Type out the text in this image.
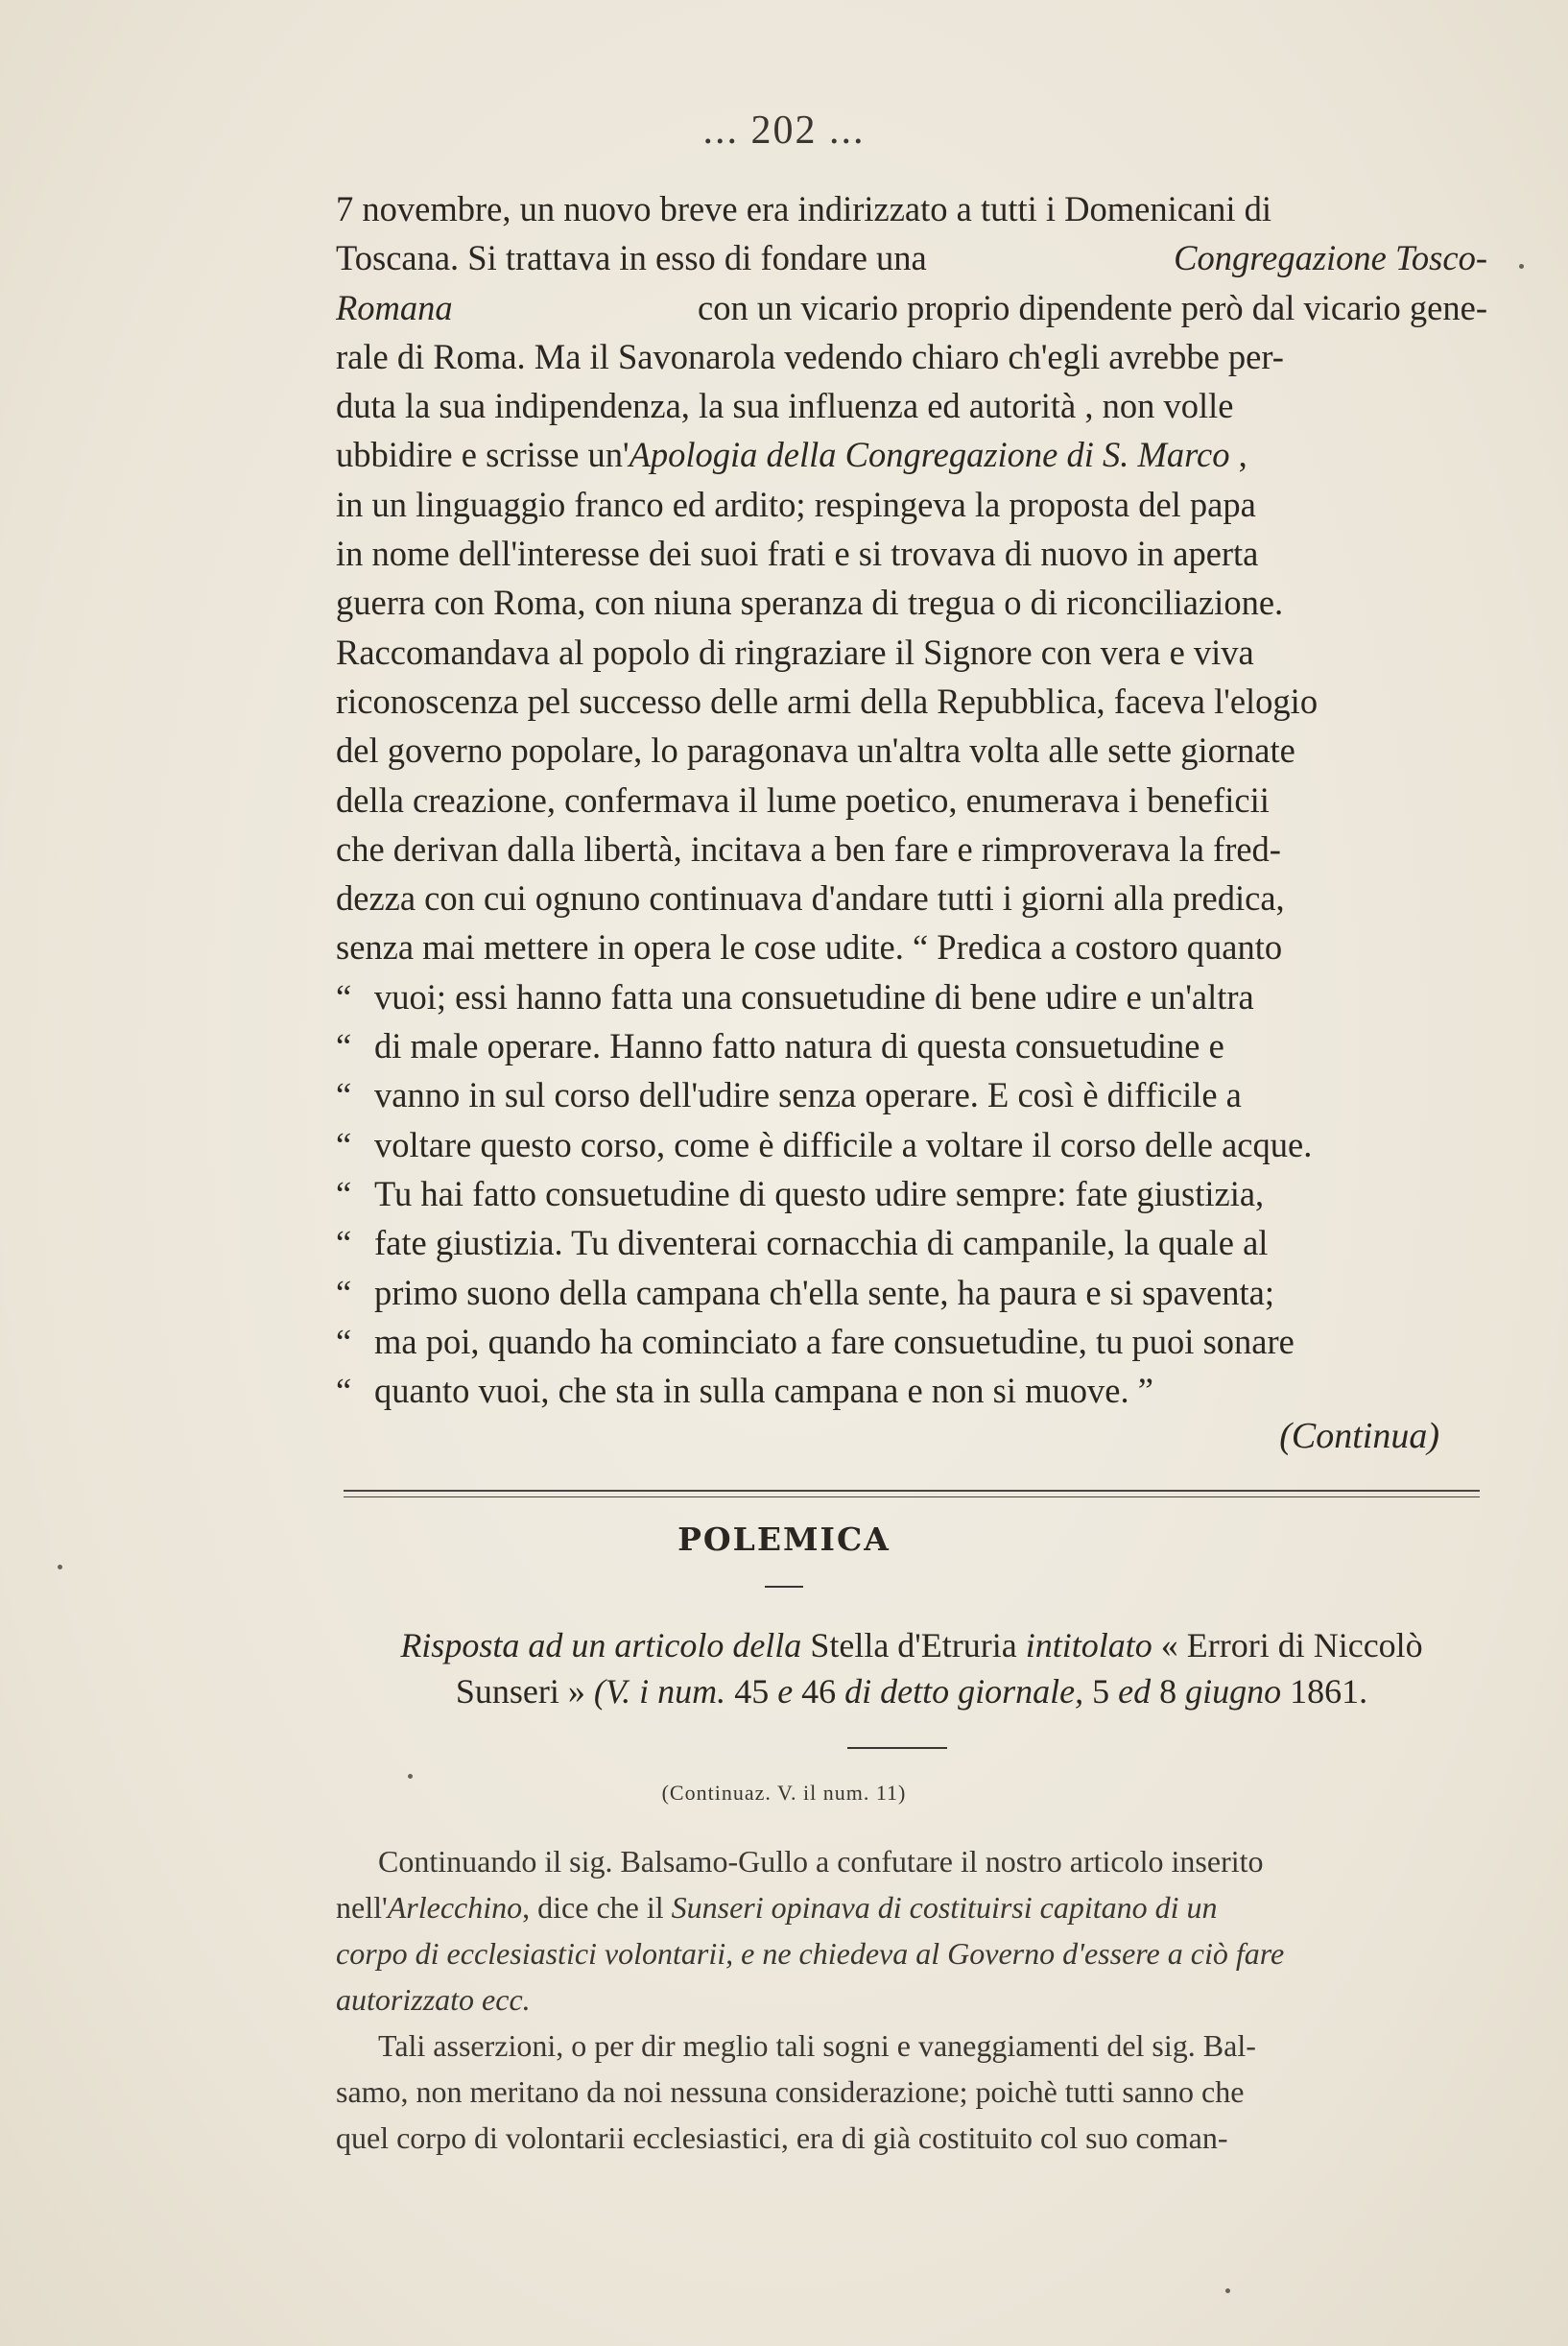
... 202 ...
7 novembre, un nuovo breve era indirizzato a tutti i Domenicani di
Toscana. Si trattava in esso di fondare una	Congregazione Tosco-
Romana
	con un vicario proprio dipendente però dal vicario gene-
rale di Roma. Ma il Savonarola vedendo chiaro ch'egli avrebbe per-
duta la sua indipendenza, la sua influenza ed autorità , non volle
ubbidire e scrisse un' Apologia della Congregazione di S. Marco
,
in un linguaggio franco ed ardito; respingeva la proposta del papa
in nome dell'interesse dei suoi frati e si trovava di nuovo in aperta
guerra con Roma, con niuna speranza di tregua o di riconciliazione.
Raccomandava al popolo di ringraziare il Signore con vera e viva
riconoscenza pel successo delle armi della Repubblica, faceva l'elogio
del governo popolare, lo paragonava un'altra volta alle sette giornate
della creazione, confermava il lume poetico, enumerava i beneficii
che derivan dalla libertà, incitava a ben fare e rimproverava la fred-
dezza con cui ognuno continuava d'andare tutti i giorni alla predica,
senza mai mettere in opera le cose udite. “ Predica a costoro quanto
“ vuoi; essi hanno fatta una consuetudine di bene udire e un'altra
“ di male operare. Hanno fatto natura di questa consuetudine e
“ vanno in sul corso dell'udire senza operare. E così è difficile a
“ voltare questo corso, come è difficile a voltare il corso delle acque.
“ Tu hai fatto consuetudine di questo udire sempre: fate giustizia,
“ fate giustizia. Tu diventerai cornacchia di campanile, la quale al
“ primo suono della campana ch'ella sente, ha paura e si spaventa;
“ ma poi, quando ha cominciato a fare consuetudine, tu puoi sonare
“ quanto vuoi, che sta in sulla campana e non si muove. ”
(Continua)
POLEMICA
Risposta ad un articolo della Stella d'Etruria intitolato « Errori di Niccolò
Sunseri » (V. i num. 45 e 46 di detto giornale, 5 ed 8 giugno 1861.
(Continuaz. V. il num. 11)
Continuando il sig. Balsamo-Gullo a confutare il nostro articolo inserito
nell'Arlecchino, dice che il Sunseri opinava di costituirsi capitano di un
corpo di ecclesiastici volontarii, e ne chiedeva al Governo d'essere a ciò fare
autorizzato ecc.
Tali asserzioni, o per dir meglio tali sogni e vaneggiamenti del sig. Bal-
samo, non meritano da noi nessuna considerazione; poichè tutti sanno che
quel corpo di volontarii ecclesiastici, era di già costituito col suo coman-
